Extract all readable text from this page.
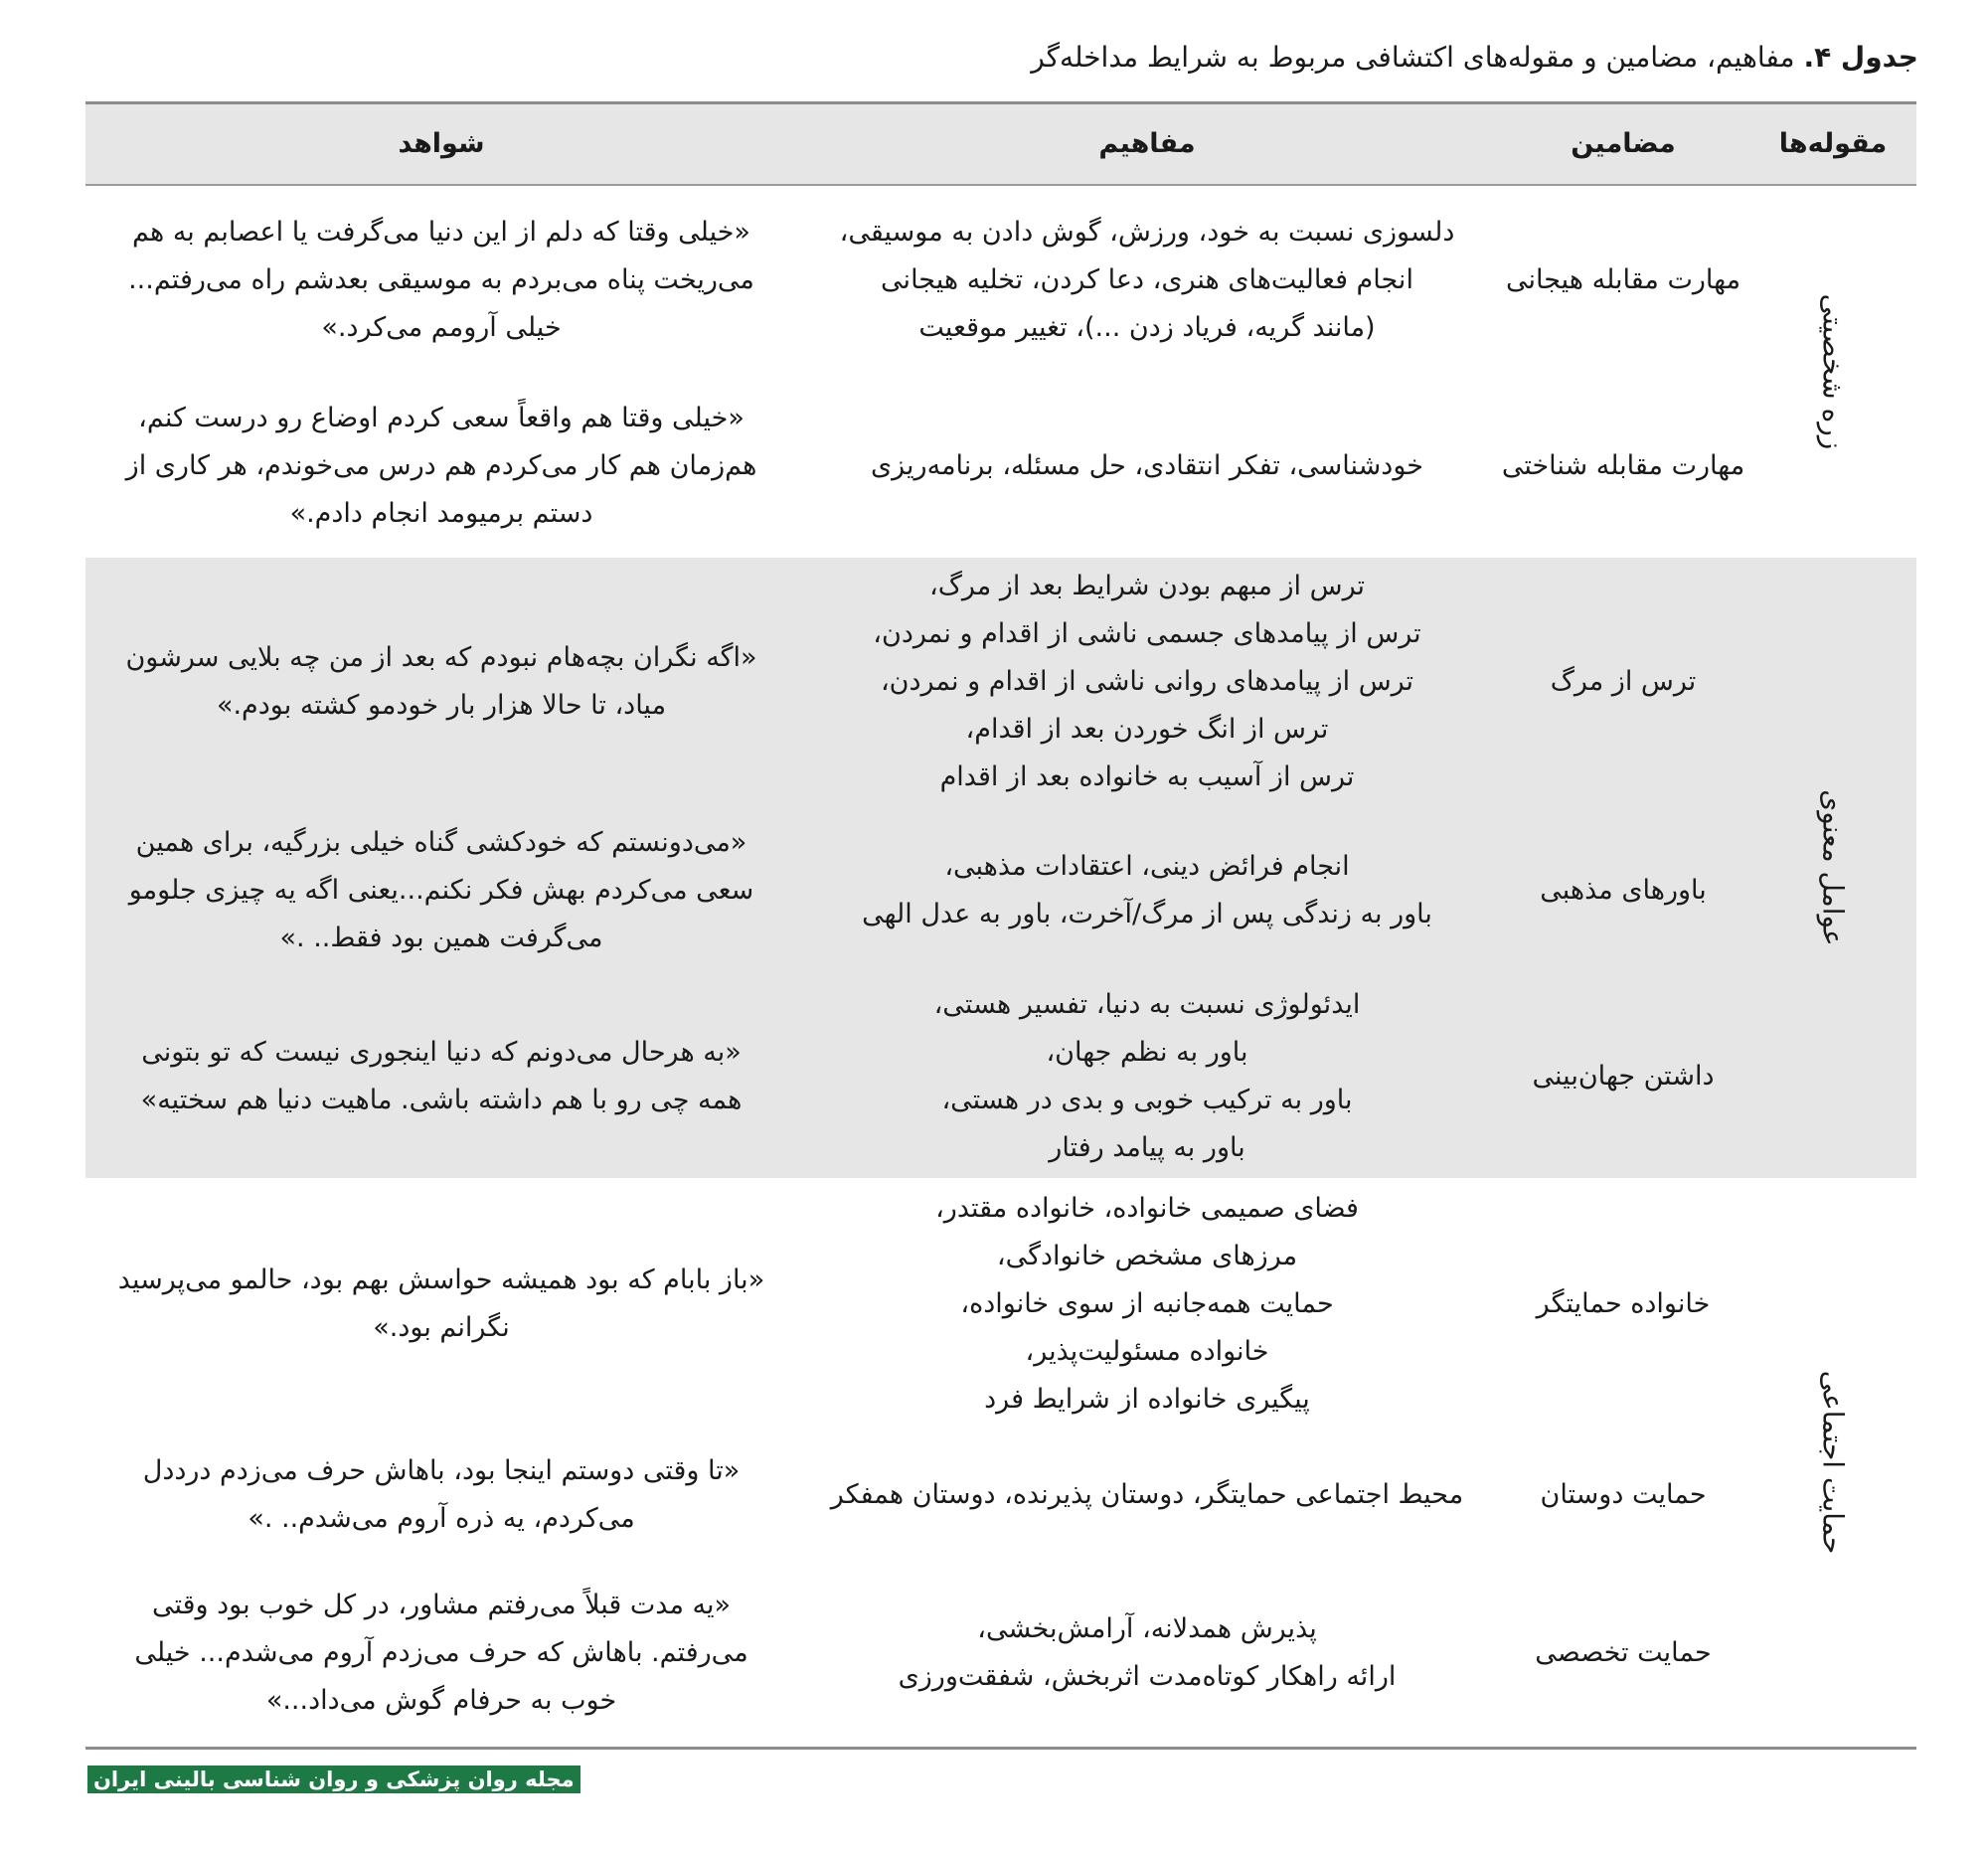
جدول ۴. مفاهیم، مضامین و مقوله‌های اکتشافی مربوط به شرایط مداخله‌گر
مقوله‌ها
مضامین
مفاهیم
شواهد
زره شخصیتی
مهارت مقابله هیجانی
دلسوزی نسبت به خود، ورزش، گوش دادن به موسیقی،
انجام فعالیت‌های هنری، دعا کردن، تخلیه هیجانی
(مانند گریه، فریاد زدن ...)، تغییر موقعیت
«خیلی وقتا که دلم از این دنیا می‌گرفت یا اعصابم به هم
می‌ریخت پناه می‌بردم به موسیقی بعدشم راه می‌رفتم...
خیلی آرومم می‌کرد.»
مهارت مقابله شناختی
خودشناسی، تفکر انتقادی، حل مسئله، برنامه‌ریزی
«خیلی وقتا هم واقعاً سعی کردم اوضاع رو درست کنم،
هم‌زمان هم کار می‌کردم هم درس می‌خوندم، هر کاری از
دستم برمیومد انجام دادم.»
عوامل معنوی
ترس از مرگ
ترس از مبهم بودن شرایط بعد از مرگ،
ترس از پیامدهای جسمی ناشی از اقدام و نمردن،
ترس از پیامدهای روانی ناشی از اقدام و نمردن،
ترس از انگ خوردن بعد از اقدام،
ترس از آسیب به خانواده بعد از اقدام
«اگه نگران بچه‌هام نبودم که بعد از من چه بلایی سرشون
میاد، تا حالا هزار بار خودمو کشته بودم.»
باورهای مذهبی
انجام فرائض دینی، اعتقادات مذهبی،
باور به زندگی پس از مرگ/آخرت، باور به عدل الهی
«می‌دونستم که خودکشی گناه خیلی بزرگیه، برای همین
سعی می‌کردم بهش فکر نکنم...یعنی اگه یه چیزی جلومو
می‌گرفت همین بود فقط.. .»
داشتن جهان‌بینی
ایدئولوژی نسبت به دنیا، تفسیر هستی،
باور به نظم جهان،
باور به ترکیب خوبی و بدی در هستی،
باور به پیامد رفتار
«به هرحال می‌دونم که دنیا اینجوری نیست که تو بتونی
همه چی رو با هم داشته باشی. ماهیت دنیا هم سختیه»
حمایت اجتماعی
خانواده حمایتگر
فضای صمیمی خانواده، خانواده مقتدر،
مرزهای مشخص خانوادگی،
حمایت همه‌جانبه از سوی خانواده،
خانواده مسئولیت‌پذیر،
پیگیری خانواده از شرایط فرد
«باز بابام که بود همیشه حواسش بهم بود، حالمو می‌پرسید
نگرانم بود.»
حمایت دوستان
محیط اجتماعی حمایتگر، دوستان پذیرنده، دوستان همفکر
«تا وقتی دوستم اینجا بود، باهاش حرف می‌زدم درددل
می‌کردم، یه ذره آروم می‌شدم.. .»
حمایت تخصصی
پذیرش همدلانه، آرامش‌بخشی،
ارائه راهکار کوتاه‌مدت اثربخش، شفقت‌ورزی
«یه مدت قبلاً می‌رفتم مشاور، در کل خوب بود وقتی
می‌رفتم. باهاش که حرف می‌زدم آروم می‌شدم... خیلی
خوب به حرفام گوش می‌داد...»
مجله روان پزشکی و روان شناسی بالینی ایران
